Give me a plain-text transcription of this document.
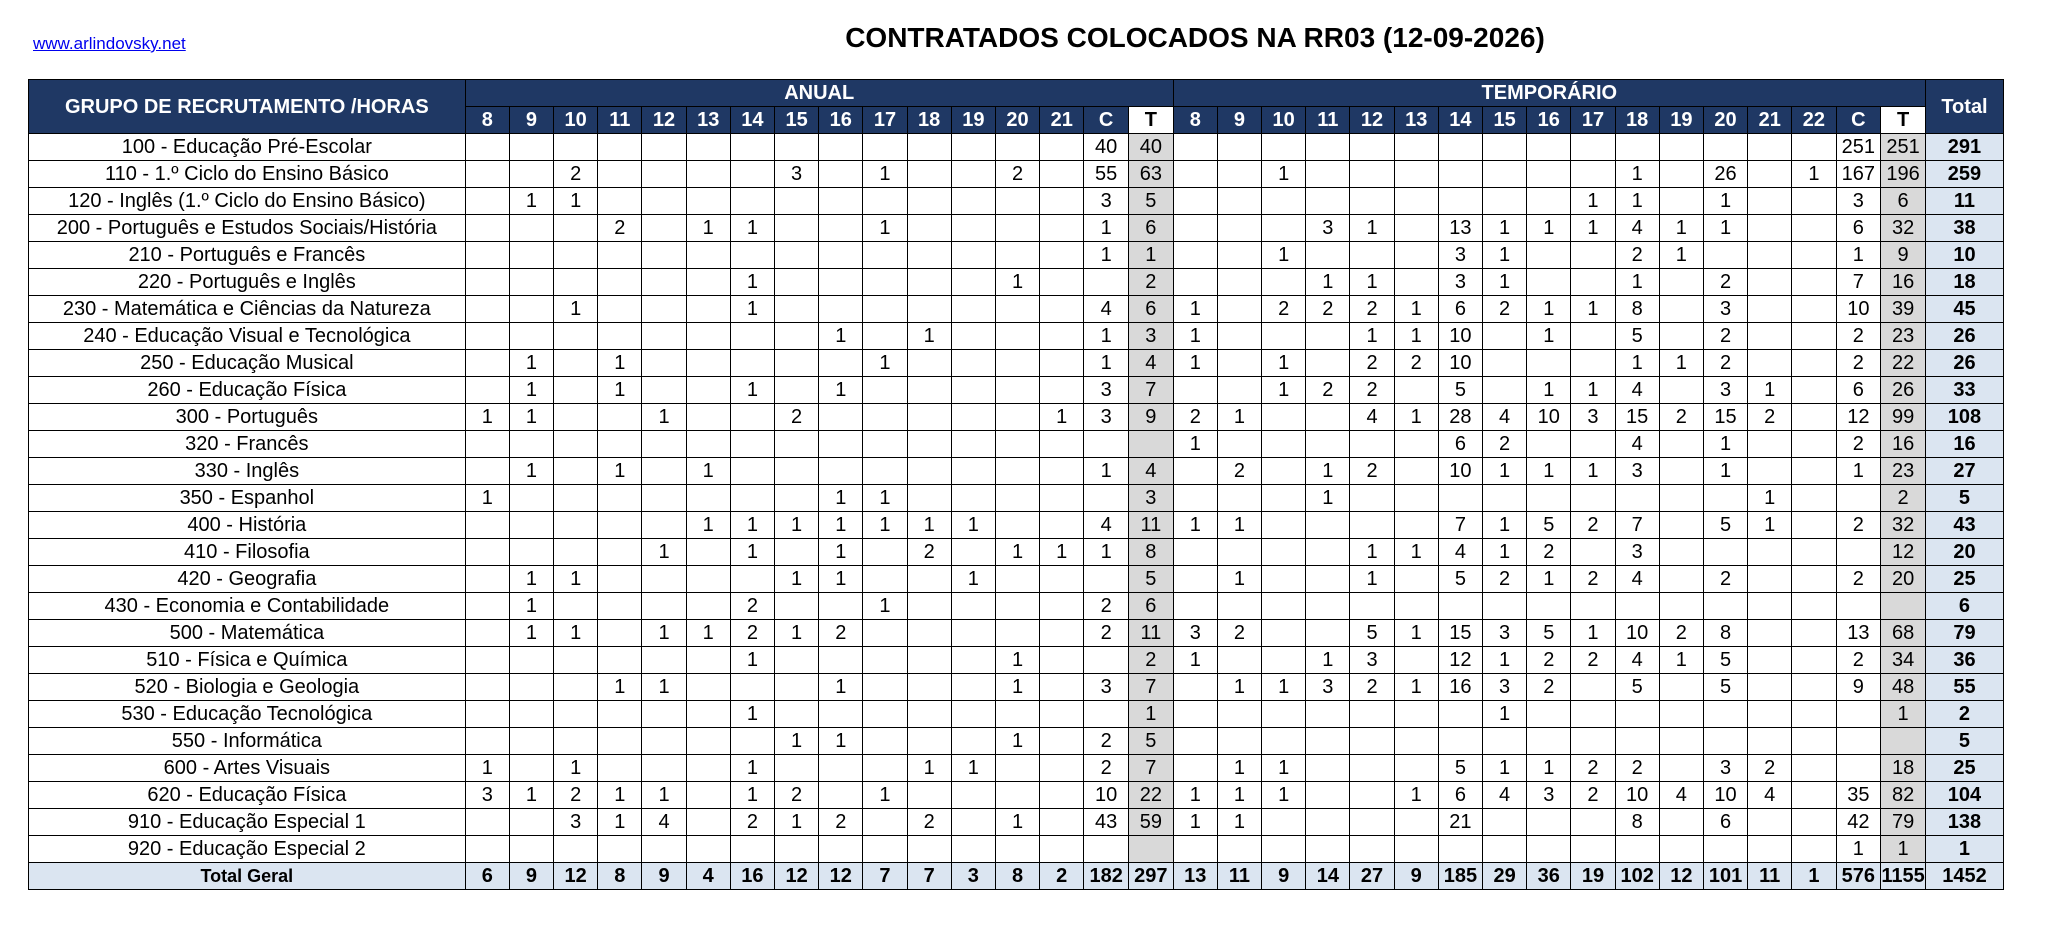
www.arlindovsky.net	CONTRATADOS COLOCADOS NA RR03 (12-09-2026)
GRUPO DE RECRUTAMENTO /HORAS	ANUAL																TEMPORÁRIO																	Total
	8	9	10	11	12	13	14	15	16	17	18	19	20	21	C	T	8	9	10	11	12	13	14	15	16	17	18	19	20	21	22	C	T	
100 - Educação Pré-Escolar															40	40																251	251	291
110 - 1.º Ciclo do Ensino Básico			2					3		1			2		55	63			1								1		26		1	167	196	259
120 - Inglês (1.º Ciclo do Ensino Básico)		1	1												3	5										1	1		1			3	6	11
200 - Português e Estudos Sociais/História				2		1	1			1					1	6				3	1		13	1	1	1	4	1	1			6	32	38
210 - Português e Francês															1	1			1				3	1			2	1				1	9	10
220 - Português e Inglês							1						1			2				1	1		3	1			1		2			7	16	18
230 - Matemática e Ciências da Natureza			1				1								4	6	1		2	2	2	1	6	2	1	1	8		3			10	39	45
240 - Educação Visual e Tecnológica									1		1				1	3	1				1	1	10		1		5		2			2	23	26
250 - Educação Musical		1		1						1					1	4	1		1		2	2	10				1	1	2			2	22	26
260 - Educação Física		1		1			1		1						3	7			1	2	2		5		1	1	4		3	1		6	26	33
300 - Português	1	1			1			2						1	3	9	2	1			4	1	28	4	10	3	15	2	15	2		12	99	108
320 - Francês																	1						6	2			4		1			2	16	16
330 - Inglês		1		1		1									1	4		2		1	2		10	1	1	1	3		1			1	23	27
350 - Espanhol	1								1	1						3				1										1			2	5
400 - História						1	1	1	1	1	1	1			4	11	1	1					7	1	5	2	7		5	1		2	32	43
410 - Filosofia					1		1		1		2		1	1	1	8					1	1	4	1	2		3						12	20
420 - Geografia		1	1					1	1			1				5		1			1		5	2	1	2	4		2			2	20	25
430 - Economia e Contabilidade		1					2			1					2	6																		6
500 - Matemática		1	1		1	1	2	1	2						2	11	3	2			5	1	15	3	5	1	10	2	8			13	68	79
510 - Física e Química							1						1			2	1			1	3		12	1	2	2	4	1	5			2	34	36
520 - Biologia e Geologia				1	1				1				1		3	7		1	1	3	2	1	16	3	2		5		5			9	48	55
530 - Educação Tecnológica							1									1								1									1	2
550 - Informática								1	1				1		2	5																		5
600 - Artes Visuais	1		1				1				1	1			2	7		1	1				5	1	1	2	2		3	2			18	25
620 - Educação Física	3	1	2	1	1		1	2		1					10	22	1	1	1			1	6	4	3	2	10	4	10	4		35	82	104
910 - Educação Especial 1			3	1	4		2	1	2		2		1		43	59	1	1					21				8		6			42	79	138
920 - Educação Especial 2																																1	1	1
Total Geral	6	9	12	8	9	4	16	12	12	7	7	3	8	2	182	297	13	11	9	14	27	9	185	29	36	19	102	12	101	11	1	576	1155	1452
